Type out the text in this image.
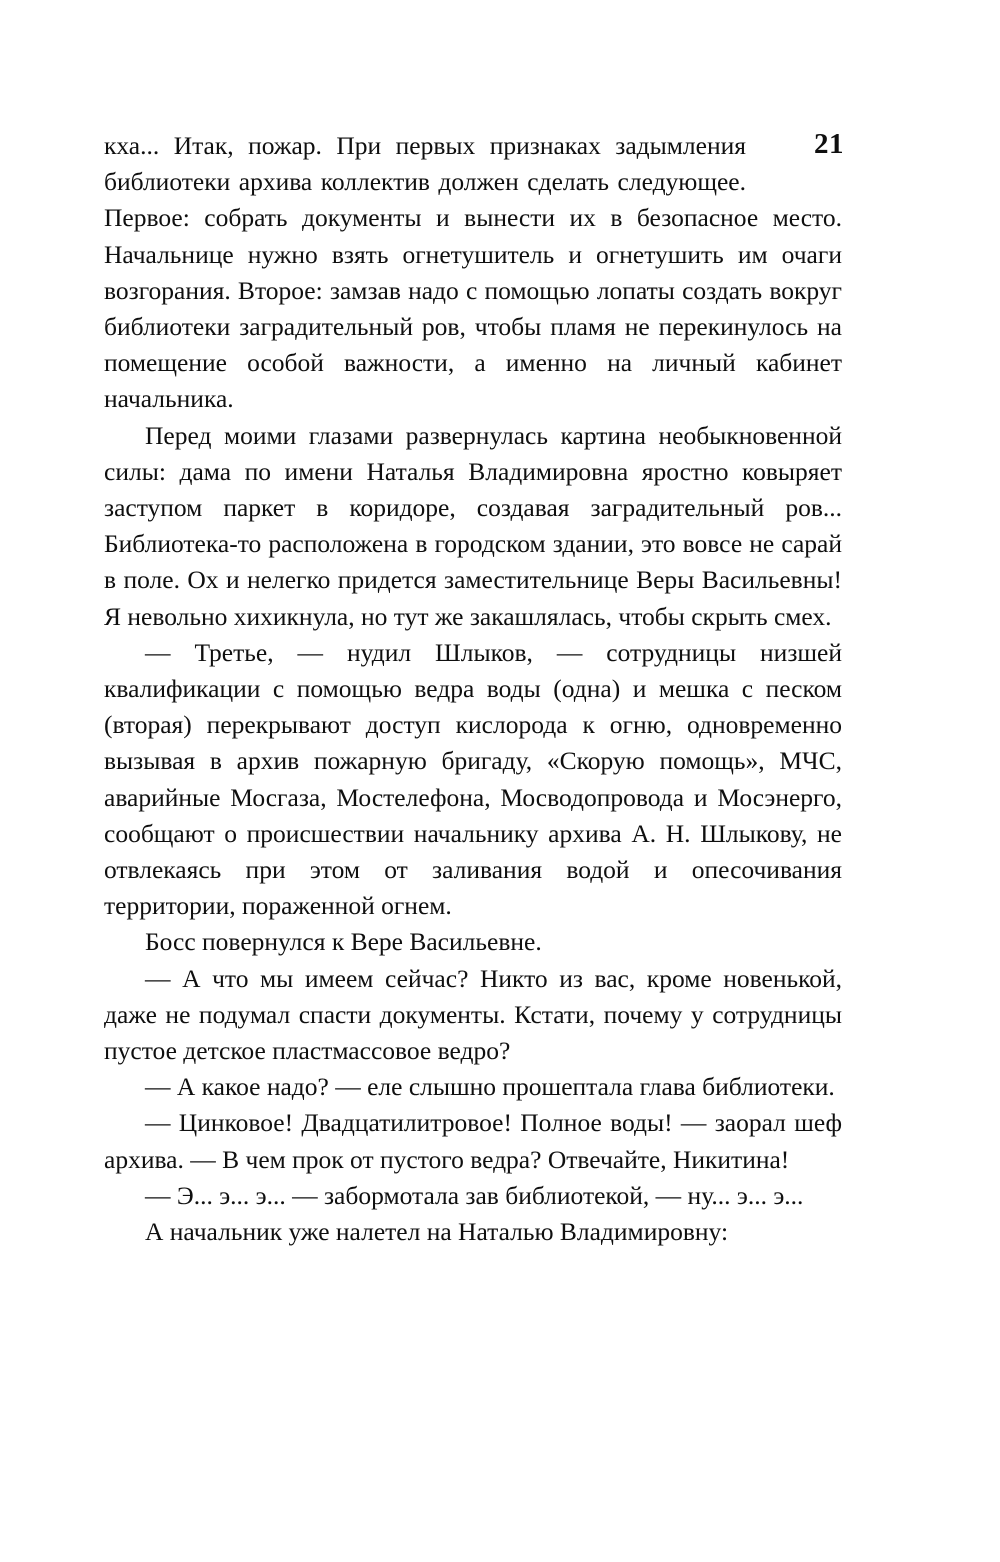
21

кха... Итак, пожар. При первых признаках задымления библиотеки архива коллектив должен сделать следующее. Первое: собрать документы и вынести их в безопасное место. Начальнице нужно взять огнетушитель и огнетушить им очаги возгорания. Второе: замзав надо с помощью лопаты создать вокруг библиотеки заградительный ров, чтобы пламя не перекинулось на помещение особой важности, а именно на личный кабинет начальника.

Перед моими глазами развернулась картина необыкновенной силы: дама по имени Наталья Владимировна яростно ковыряет заступом паркет в коридоре, создавая заградительный ров... Библиотека-то расположена в городском здании, это вовсе не сарай в поле. Ох и нелегко придется заместительнице Веры Васильевны! Я невольно хихикнула, но тут же закашлялась, чтобы скрыть смех.

— Третье, — нудил Шлыков, — сотрудницы низшей квалификации с помощью ведра воды (одна) и мешка с песком (вторая) перекрывают доступ кислорода к огню, одновременно вызывая в архив пожарную бригаду, «Скорую помощь», МЧС, аварийные Мосгаза, Мостелефона, Мосводопровода и Мосэнерго, сообщают о происшествии начальнику архива А. Н. Шлыкову, не отвлекаясь при этом от заливания водой и опесочивания территории, пораженной огнем.

Босс повернулся к Вере Васильевне.

— А что мы имеем сейчас? Никто из вас, кроме новенькой, даже не подумал спасти документы. Кстати, почему у сотрудницы пустое детское пластмассовое ведро?

— А какое надо? — еле слышно прошептала глава библиотеки.

— Цинковое! Двадцатилитровое! Полное воды! — заорал шеф архива. — В чем прок от пустого ведра? Отвечайте, Никитина!

— Э... э... э... — забормотала зав библиотекой, — ну... э... э...

А начальник уже налетел на Наталью Владимировну:
